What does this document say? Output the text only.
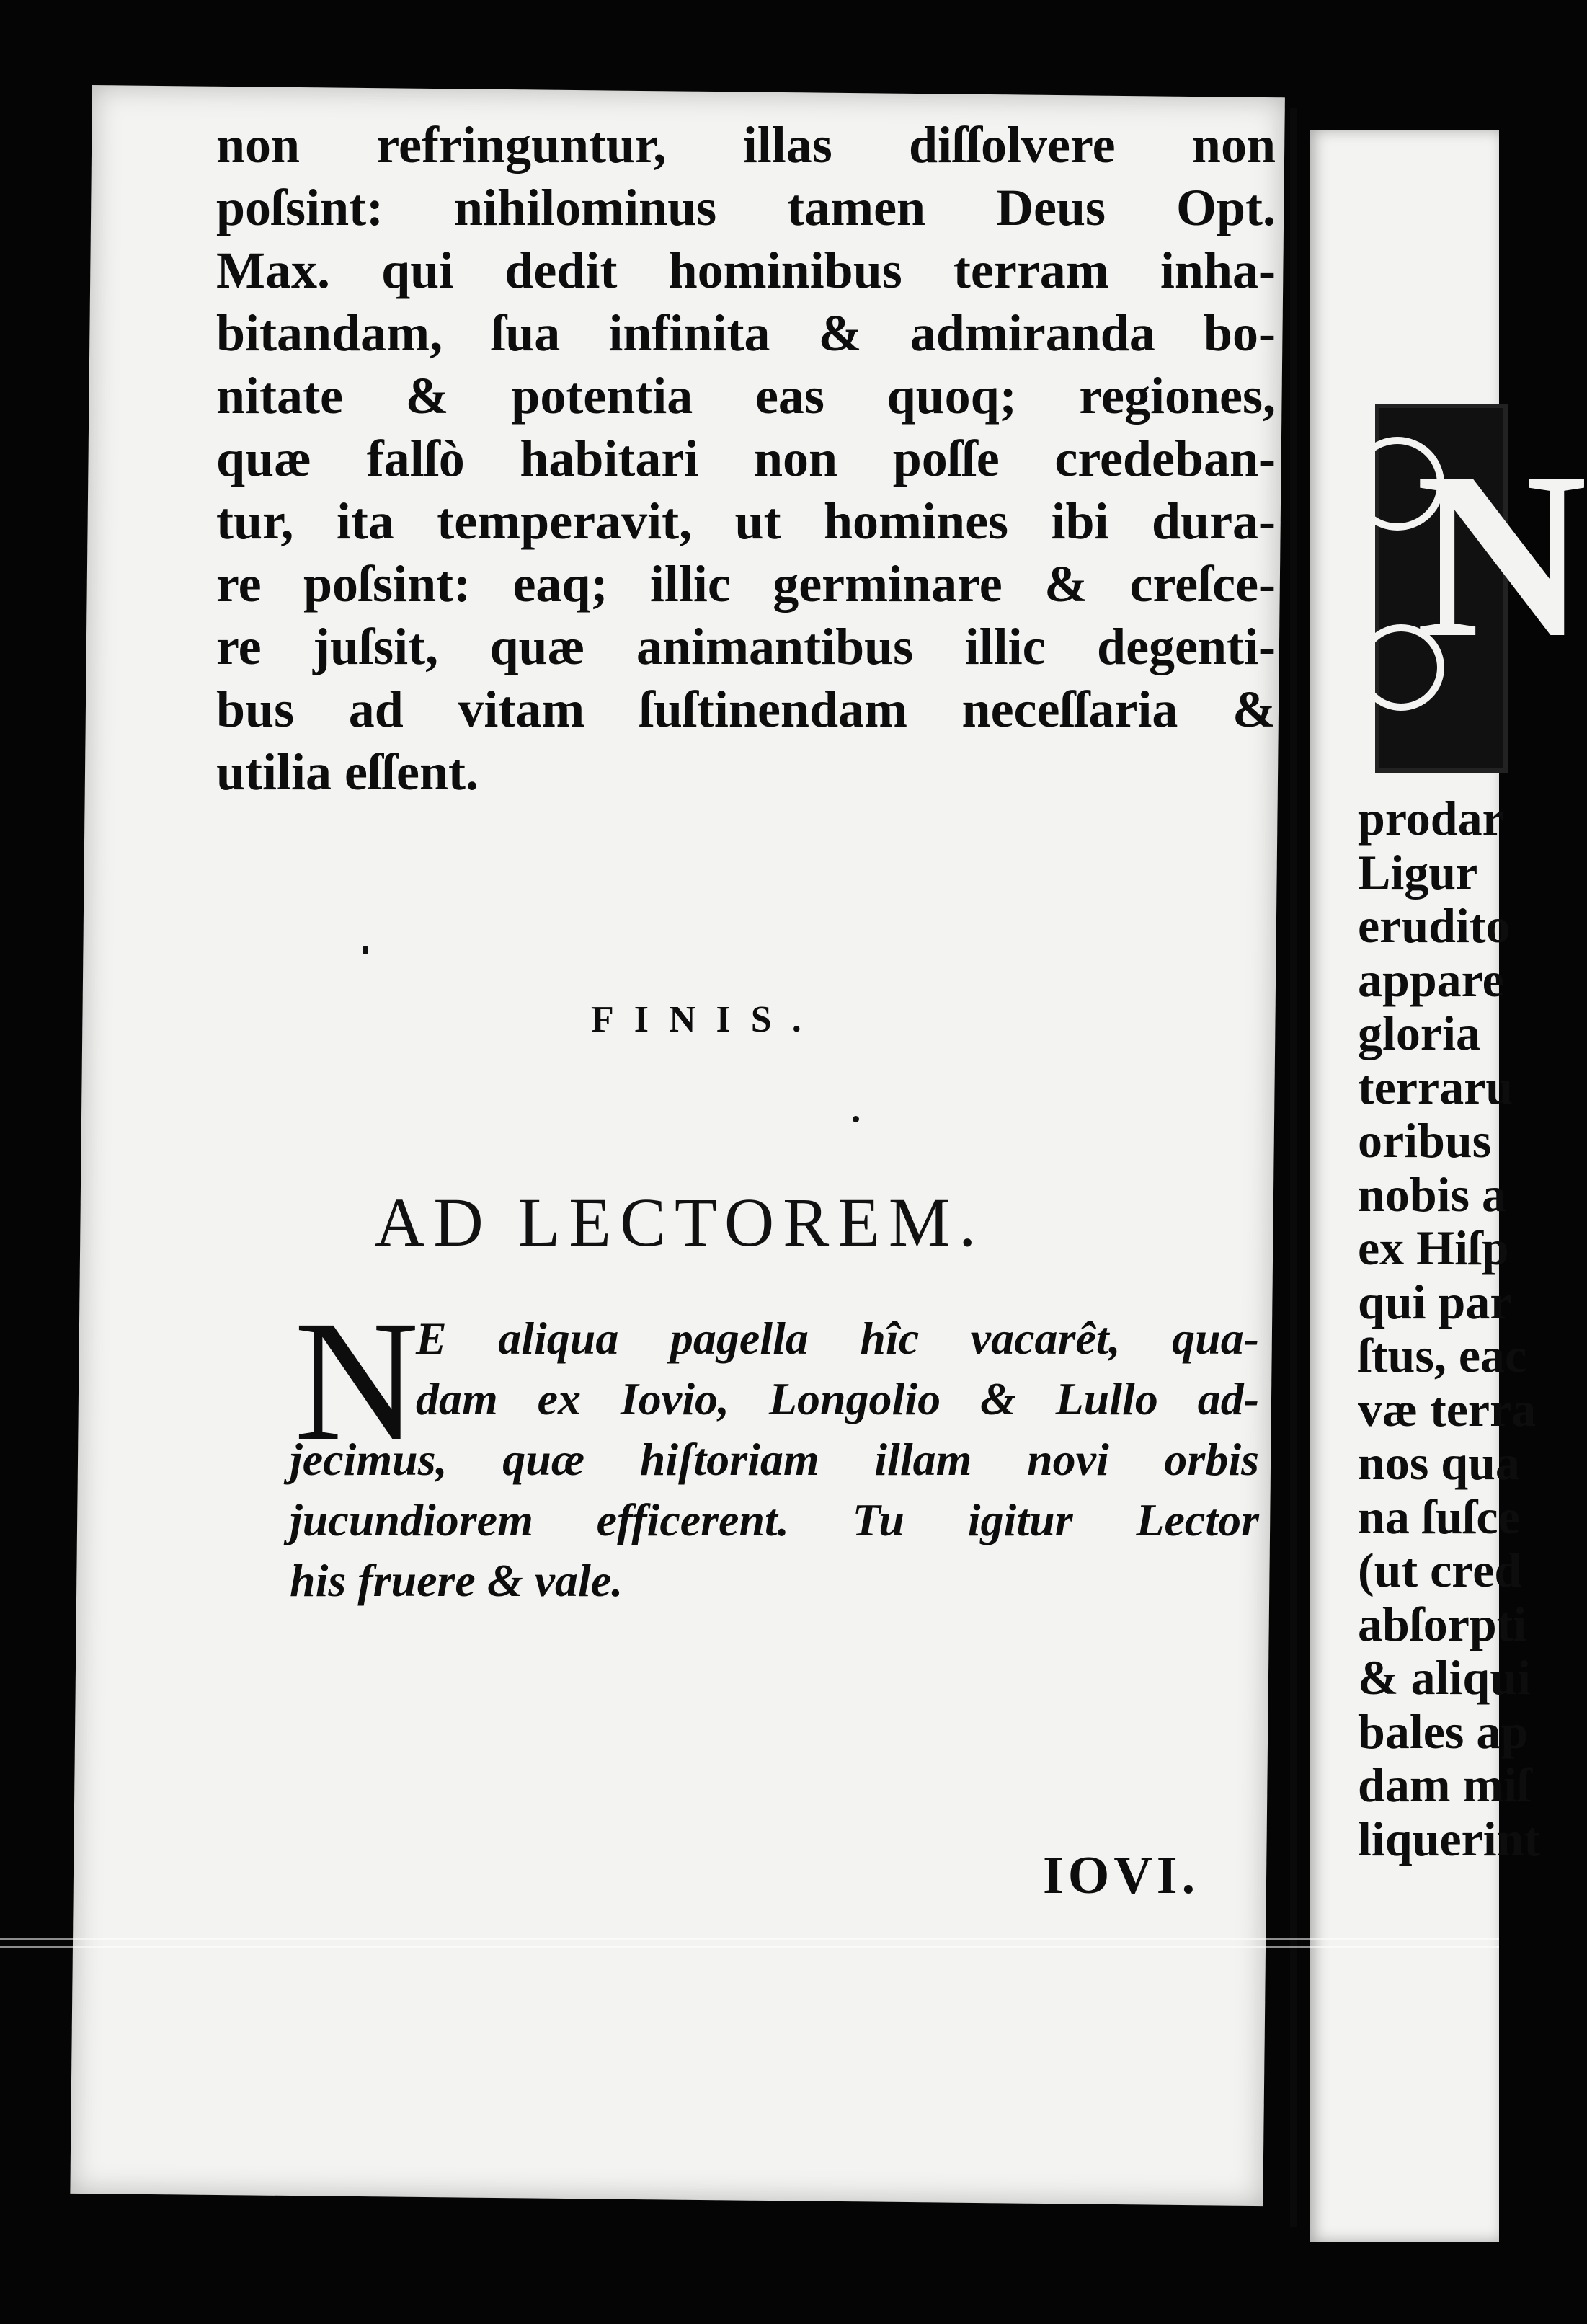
N
prodar
Ligur
erudito
appare
gloria
terraru
oribus
nobis a
ex Hiſp
qui par
ſtus, eac
væ terra
nos qua
na ſuſce
(ut cred
abſorpti
& aliqui
bales ap
dam miſ
liquerint
non refringuntur, illas diſſolvere non
poſsint: nihilominus tamen Deus Opt.
Max. qui dedit hominibus terram inha-
bitandam, ſua infinita & admiranda bo-
nitate & potentia eas quoq; regiones,
quæ falſò habitari non poſſe credeban-
tur, ita temperavit, ut homines ibi dura-
re poſsint: eaq; illic germinare & creſce-
re juſsit, quæ animantibus illic degenti-
bus ad vitam ſuſtinendam neceſſaria &
utilia eſſent.
FINIS.
AD LECTOREM.
N
E aliqua pagella hîc vacarêt, qua-
dam ex Iovio, Longolio & Lullo ad-
jecimus, quæ hiſtoriam illam novi orbis
jucundiorem efficerent. Tu igitur Lector
his fruere & vale.
IOVI.
